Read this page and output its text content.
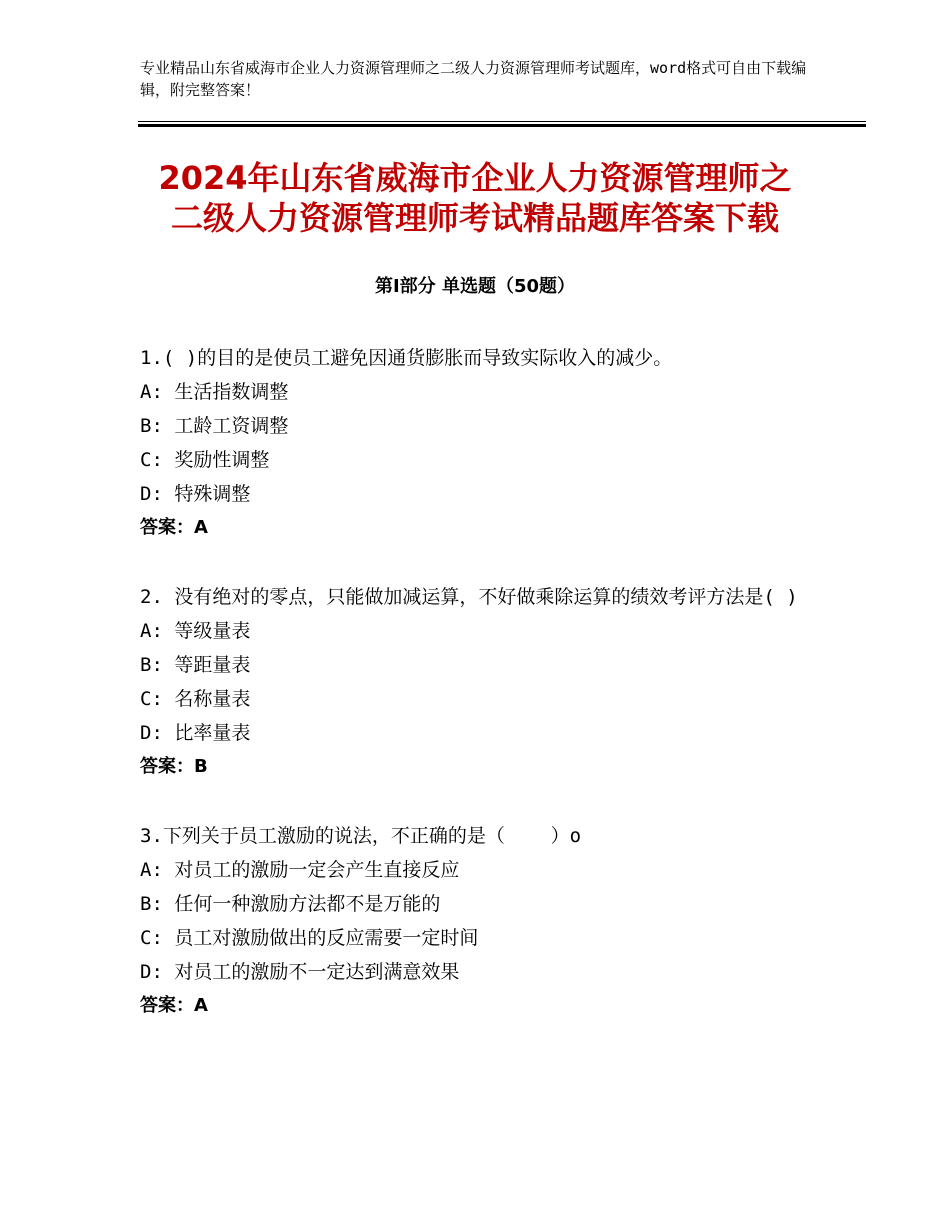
专业精品山东省威海市企业人力资源管理师之二级人力资源管理师考试题库，word格式可自由下载编辑，附完整答案！
2024年山东省威海市企业人力资源管理师之
二级人力资源管理师考试精品题库答案下载
第Ⅰ部分 单选题（50题）

1.( )的目的是使员工避免因通货膨胀而导致实际收入的减少。

A: 生活指数调整

B: 工龄工资调整

C: 奖励性调整

D: 特殊调整

答案：A

2. 没有绝对的零点，只能做加减运算，不好做乘除运算的绩效考评方法是( )

A: 等级量表

B: 等距量表

C: 名称量表

D: 比率量表

答案：B

3.下列关于员工激励的说法，不正确的是（    ）o

A: 对员工的激励一定会产生直接反应

B: 任何一种激励方法都不是万能的

C: 员工对激励做出的反应需要一定时间

D: 对员工的激励不一定达到满意效果

答案：A
